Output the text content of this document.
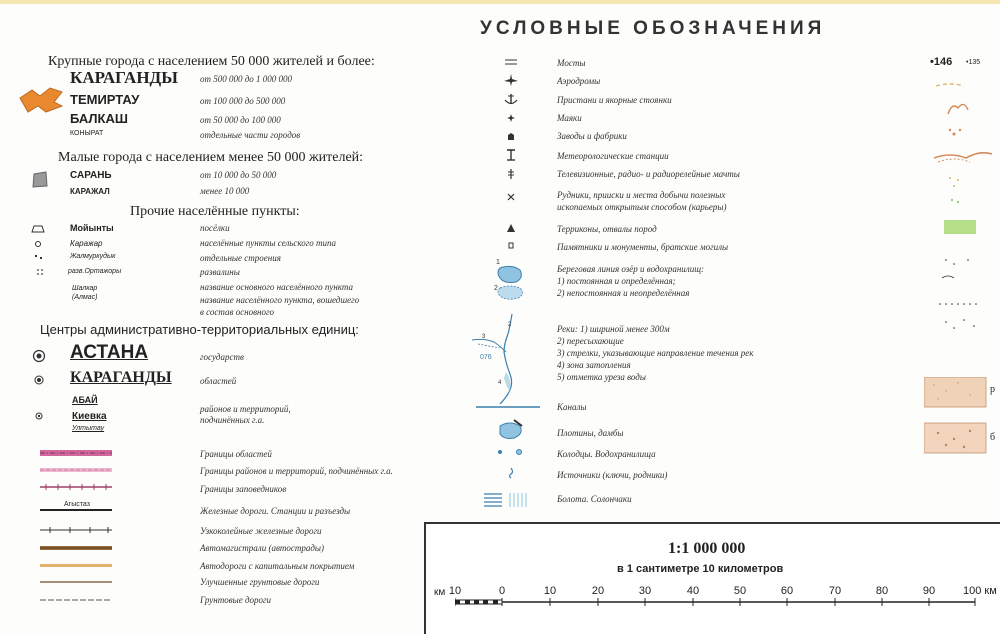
УСЛОВНЫЕ ОБОЗНАЧЕНИЯ
Крупные города с населением 50 000 жителей и более:
КАРАГАНДЫ от 500 000 до 1 000 000
ТЕМИРТАУ	от 100 000 до 500 000
БАЛКАШ	от 50 000 до 100 000
КОНЫРАТ	отдельные части городов
Малые города с населением менее 50 000 жителей:
САРАНЬ	от 10 000 до 50 000
КАРАЖАЛ	менее 10 000
Прочие населённые пункты:
Мойынты	посёлки
Каражар	населённые пункты сельского типа
Жалмуркудык	отдельные строения
разв.Ортажоры	развалины
Шалкар	название основного населённого пункта
(Алмас)	название населённого пункта, вошедшего
в состав основного
Центры административно-территориальных единиц:
АСТАНА	государств
КАРАГАНДЫ	областей
АБАЙ
Киевка
Ултытау
районов и территорий,
подчинённых г.а.
Агыстаз
Границы областей
Границы районов и территорий, подчинённых г.а.
Границы заповедников
Железные дороги. Станции и разъезды
Узкоколейные железные дороги
Автомагистрали (автострады)
Автодороги с капитальным покрытием
Улучшенные грунтовые дороги
Грунтовые дороги
1
2
3
2
4
076
Мосты
Аэродромы
Пристани и якорные стоянки
Маяки
Заводы и фабрики
Метеорологические станции
Телевизионные, радио- и радиорелейные мачты
Рудники, прииски и места добычи полезных
ископаемых открытым способом (карьеры)
Терриконы, отвалы пород
Памятники и монументы, братские могилы
Береговая линия озёр и водохранилищ:
1) постоянная и определённая;
2) непостоянная и неопределённая
Реки: 1) шириной менее 300м
2) пересыхающие
3) стрелки, указывающие направление течения рек
4) зона затопления
5) отметка уреза воды
Каналы
Плотины, дамбы
Колодцы. Водохранилища
Источники (ключи, родники)
Болота. Солончаки
•146 •135
р
б
1:1 000 000
в 1 сантиметре 10 километров
км 10	0	10	20	30	40	50	60	70	80	90	100 км
